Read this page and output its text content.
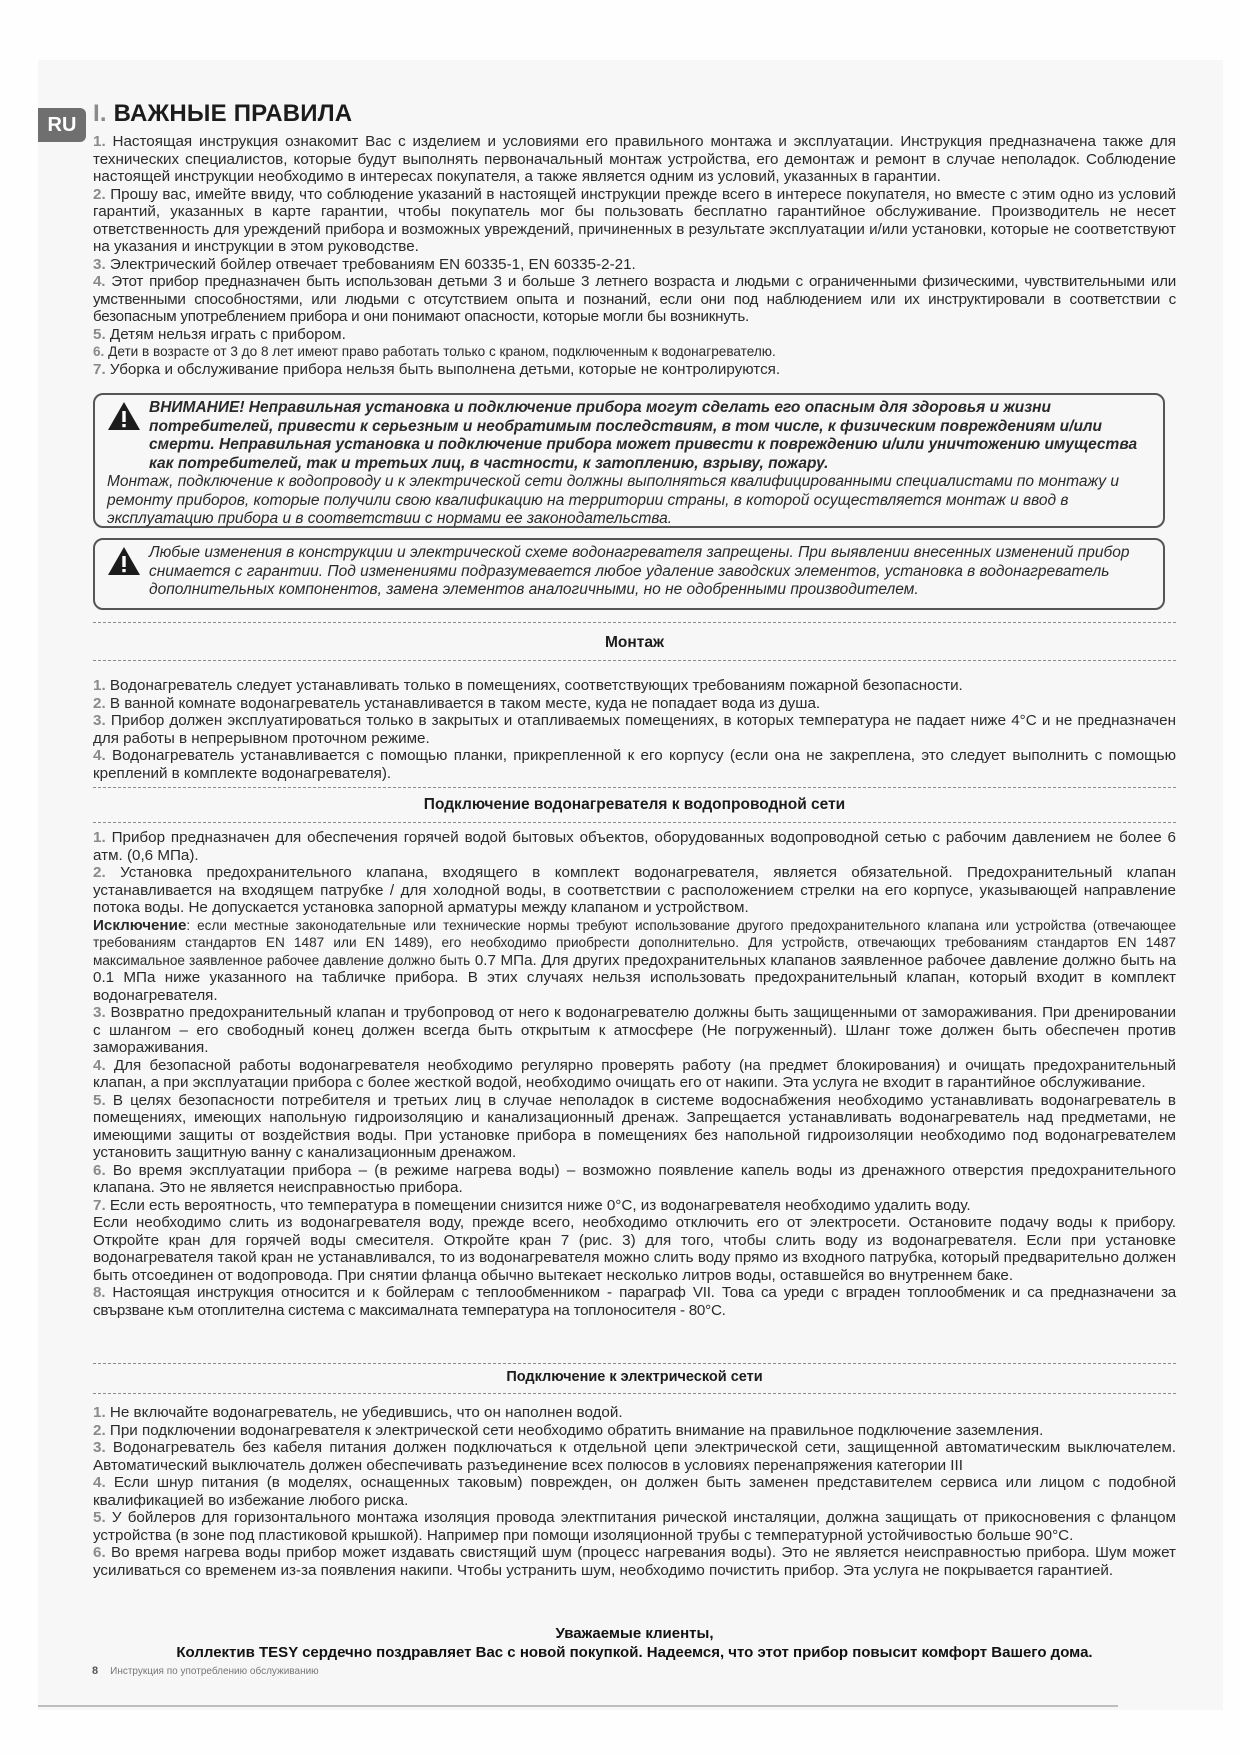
RU I. ВАЖНЫЕ ПРАВИЛА

1. Настоящая инструкция ознакомит Вас с изделием и условиями его правильного монтажа и эксплуатации. Инструкция предназначена также для технических специалистов, которые будут выполнять первоначальный монтаж устройства, его демонтаж и ремонт в случае неполадок. Соблюдение настоящей инструкции необходимо в интересах покупателя, а также является одним из условий, указанных в гарантии.

2. Прошу вас, имейте ввиду, что соблюдение указаний в настоящей инструкции прежде всего в интересе покупателя, но вместе с этим одно из условий гарантий, указанных в карте гарантии, чтобы покупатель мог бы пользовать бесплатно гарантийное обслуживание. Производитель не несет ответственность для уреждений прибора и возможных увреждений, причиненных в результате эксплуатации и/или установки, которые не соответствуют на указания и инструкции в этом руководстве.

3. Электрический бойлер отвечает требованиям EN 60335-1, EN 60335-2-21.

4. Этот прибор предназначен быть использован детьми 3 и больше 3 летнего возраста и людьми с ограниченными физическими, чувствительными или умственными способностями, или людьми с отсутствием опыта и познаний, если они под наблюдением или их инструктировали в соответствии с безопасным употреблением прибора и они понимают опасности, которые могли бы возникнуть.

5. Детям нельзя играть с прибором.

6. Дети в возрасте от 3 до 8 лет имеют право работать только с краном, подключенным к водонагревателю.

7. Уборка и обслуживание прибора нельзя быть выполнена детьми, которые не контролируются.

ВНИМАНИЕ! Неправильная установка и подключение прибора могут сделать его опасным для здоровья и жизни потребителей, привести к серьезным и необратимым последствиям, в том числе, к физическим повреждениям и/или смерти. Неправильная установка и подключение прибора может привести к повреждению и/или уничтожению имущества как потребителей, так и третьих лиц, в частности, к затоплению, взрыву, пожару.

Монтаж, подключение к водопроводу и к электрической сети должны выполняться квалифицированными специалистами по монтажу и ремонту приборов, которые получили свою квалификацию на территории страны, в которой осуществляется монтаж и ввод в эксплуатацию прибора и в соответствии с нормами ее законодательства.

Любые изменения в конструкции и электрической схеме водонагревателя запрещены. При выявлении внесенных изменений прибор снимается с гарантии. Под изменениями подразумевается любое удаление заводских элементов, установка в водонагреватель дополнительных компонентов, замена элементов аналогичными, но не одобренными производителем.

Монтаж

1. Водонагреватель следует устанавливать только в помещениях, соответствующих требованиям пожарной безопасности.

2. В ванной комнате водонагреватель устанавливается в таком месте, куда не попадает вода из душа.

3. Прибор должен эксплуатироваться только в закрытых и отапливаемых помещениях, в которых температура не падает ниже 4°C и не предназначен для работы в непрерывном проточном режиме.

4. Водонагреватель устанавливается с помощью планки, прикрепленной к его корпусу (если она не закреплена, это следует выполнить с помощью креплений в комплекте водонагревателя).

Подключение водонагревателя к водопроводной сети

1. Прибор предназначен для обеспечения горячей водой бытовых объектов, оборудованных водопроводной сетью с рабочим давлением не более 6 атм. (0,6 МПа).

2. Установка предохранительного клапана, входящего в комплект водонагревателя, является обязательной. Предохранительный клапан устанавливается на входящем патрубке / для холодной воды, в соответствии с расположением стрелки на его корпусе, указывающей направление потока воды. Не допускается установка запорной арматуры между клапаном и устройством.

Исключение: если местные законодательные или технические нормы требуют использование другого предохранительного клапана или устройства (отвечающее требованиям стандартов EN 1487 или EN 1489), его необходимо приобрести дополнительно. Для устройств, отвечающих требованиям стандартов EN 1487 максимальное заявленное рабочее давление должно быть 0.7 МПа. Для других предохранительных клапанов заявленное рабочее давление должно быть на 0.1 МПа ниже указанного на табличке прибора. В этих случаях нельзя использовать предохранительный клапан, который входит в комплект водонагревателя.

3. Возвратно предохранительный клапан и трубопровод от него к водонагревателю должны быть защищенными от замораживания. При дренировании с шлангом – его свободный конец должен всегда быть открытым к атмосфере (Не погруженный). Шланг тоже должен быть обеспечен против замораживания.

4. Для безопасной работы водонагревателя необходимо регулярно проверять работу (на предмет блокирования) и очищать предохранительный клапан, а при эксплуатации прибора с более жесткой водой, необходимо очищать его от накипи. Эта услуга не входит в гарантийное обслуживание.

5. В целях безопасности потребителя и третьих лиц в случае неполадок в системе водоснабжения необходимо устанавливать водонагреватель в помещениях, имеющих напольную гидроизоляцию и канализационный дренаж. Запрещается устанавливать водонагреватель над предметами, не имеющими защиты от воздействия воды. При установке прибора в помещениях без напольной гидроизоляции необходимо под водонагревателем установить защитную ванну с канализационным дренажом.

6. Во время эксплуатации прибора – (в режиме нагрева воды) – возможно появление капель воды из дренажного отверстия предохранительного клапана. Это не является неисправностью прибора.

7. Если есть вероятность, что температура в помещении снизится ниже 0°C, из водонагревателя необходимо удалить воду.

Если необходимо слить из водонагревателя воду, прежде всего, необходимо отключить его от электросети. Остановите подачу воды к прибору. Откройте кран для горячей воды смесителя. Откройте кран 7 (рис. 3) для того, чтобы слить воду из водонагревателя. Если при установке водонагревателя такой кран не устанавливался, то из водонагревателя можно слить воду прямо из входного патрубка, который предварительно должен быть отсоединен от водопровода. При снятии фланца обычно вытекает несколько литров воды, оставшейся во внутреннем баке.

8. Настоящая инструкция относится и к бойлерам с теплообменником - параграф VII. Това са уреди с вграден топлообменик и са предназначени за свързване към отоплителна система с максималната температура на топлоносителя - 80°C.

Подключение к электрической сети

1. Не включайте водонагреватель, не убедившись, что он наполнен водой.

2. При подключении водонагревателя к электрической сети необходимо обратить внимание на правильное подключение заземления.

3. Водонагреватель без кабеля питания должен подключаться к отдельной цепи электрической сети, защищенной автоматическим выключателем. Автоматический выключатель должен обеспечивать разъединение всех полюсов в условиях перенапряжения категории III

4. Если шнур питания (в моделях, оснащенных таковым) поврежден, он должен быть заменен представителем сервиса или лицом с подобной квалификацией во избежание любого риска.

5. У бойлеров для горизонтального монтажа изоляция провода электпитания рической инсталяции, должна защищать от прикосновения с фланцом устройства (в зоне под пластиковой крышкой). Например при помощи изоляционной трубы с температурной устойчивостью больше 90°C.

6. Во время нагрева воды прибор может издавать свистящий шум (процесс нагревания воды). Это не является неисправностью прибора. Шум может усиливаться со временем из-за появления накипи. Чтобы устранить шум, необходимо почистить прибор. Эта услуга не покрывается гарантией.

Уважаемые клиенты,
Коллектив TESY сердечно поздравляет Вас с новой покупкой. Надеемся, что этот прибор повысит комфорт Вашего дома.
8 Инструкция по употреблению обслуживанию
